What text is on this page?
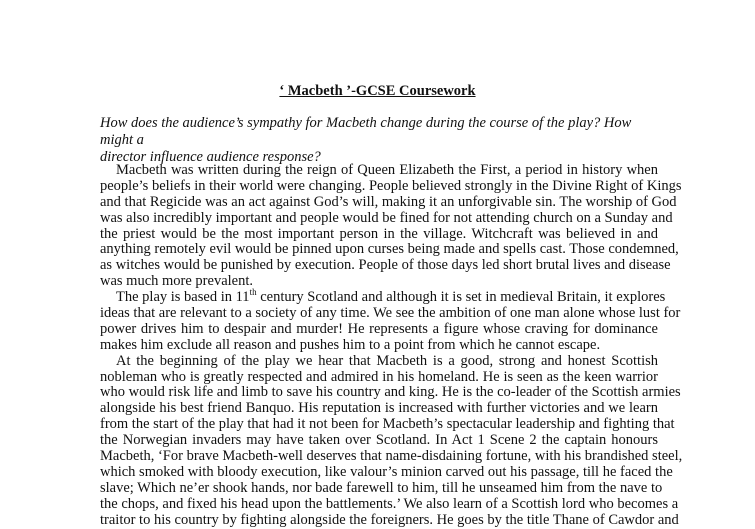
‘ Macbeth ’-GCSE Coursework
How does the audience’s sympathy for Macbeth change during the course of the play? How might a
director influence audience response?
Macbeth was written during the reign of Queen Elizabeth the First, a period in history when
people’s beliefs in their world were changing. People believed strongly in the Divine Right of Kings
and that Regicide was an act against God’s will, making it an unforgivable sin. The worship of God
was also incredibly important and people would be fined for not attending church on a Sunday and
the priest would be the most important person in the village. Witchcraft was believed in and
anything remotely evil would be pinned upon curses being made and spells cast. Those condemned,
as witches would be punished by execution. People of those days led short brutal lives and disease
was much more prevalent.
The play is based in 11th century Scotland and although it is set in medieval Britain, it explores
ideas that are relevant to a society of any time. We see the ambition of one man alone whose lust for
power drives him to despair and murder! He represents a figure whose craving for dominance
makes him exclude all reason and pushes him to a point from which he cannot escape.
At the beginning of the play we hear that Macbeth is a good, strong and honest Scottish
nobleman who is greatly respected and admired in his homeland. He is seen as the keen warrior
who would risk life and limb to save his country and king. He is the co-leader of the Scottish armies
alongside his best friend Banquo. His reputation is increased with further victories and we learn
from the start of the play that had it not been for Macbeth’s spectacular leadership and fighting that
the Norwegian invaders may have taken over Scotland. In Act 1 Scene 2 the captain honours
Macbeth, ‘For brave Macbeth-well deserves that name-disdaining fortune, with his brandished steel,
which smoked with bloody execution, like valour’s minion carved out his passage, till he faced the
slave; Which ne’er shook hands, nor bade farewell to him, till he unseamed him from the nave to
the chops, and fixed his head upon the battlements.’ We also learn of a Scottish lord who becomes a
traitor to his country by fighting alongside the foreigners. He goes by the title Thane of Cawdor and
